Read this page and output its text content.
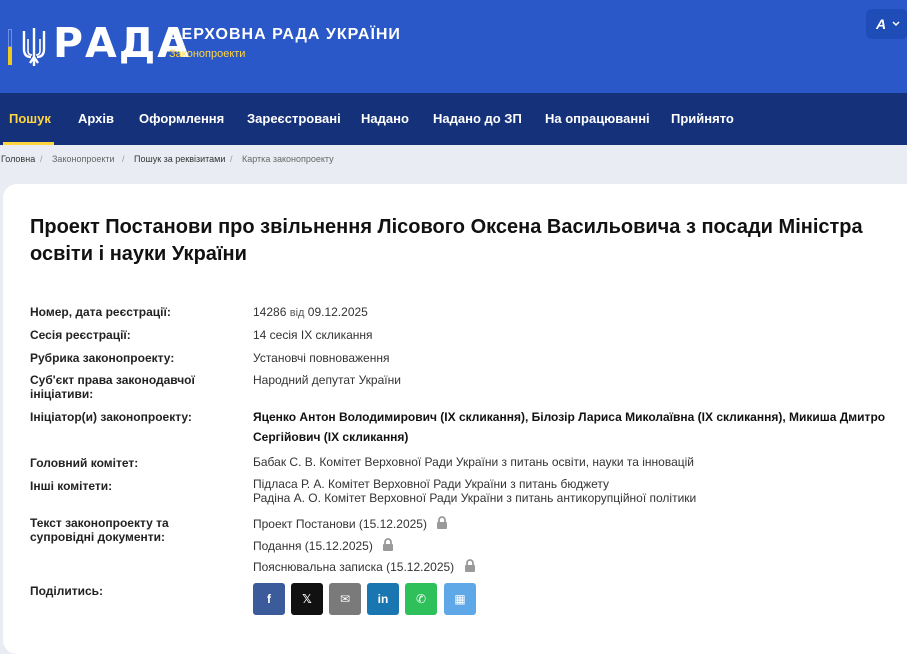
РАДА
ВЕРХОВНА РАДА УКРАЇНИ
Законопроекти
A
Пошук Архів Оформлення Зареєстровані Надано Надано до ЗП На опрацюванні Прийнято
Головна / Законопроекти / Пошук за реквізитами / Картка законопроекту
Проект Постанови про звільнення Лісового Оксена Васильовича з посади Міністра освіти і науки України
Номер, дата реєстрації:	14286 від 09.12.2025
Сесія реєстрації:	14 сесія IX скликання
Рубрика законопроекту:	Установчі повноваження
Суб'єкт права законодавчої ініціативи:
Народний депутат України
Ініціатор(и) законопроекту:	Яценко Антон Володимирович (IX скликання), Білозір Лариса Миколаївна (IX скликання), Микиша Дмитро Сергійович (IX скликання)
Головний комітет:	Бабак С. В. Комітет Верховної Ради України з питань освіти, науки та інновацій
Інші комітети:	Підласа Р. А. Комітет Верховної Ради України з питань бюджету
Радіна А. О. Комітет Верховної Ради України з питань антикорупційної політики
Текст законопроекту та супровідні документи:
Проект Постанови (15.12.2025)
Подання (15.12.2025)
Пояснювальна записка (15.12.2025)
Поділитись:
f	𝕏	✉	in	✆	▦
